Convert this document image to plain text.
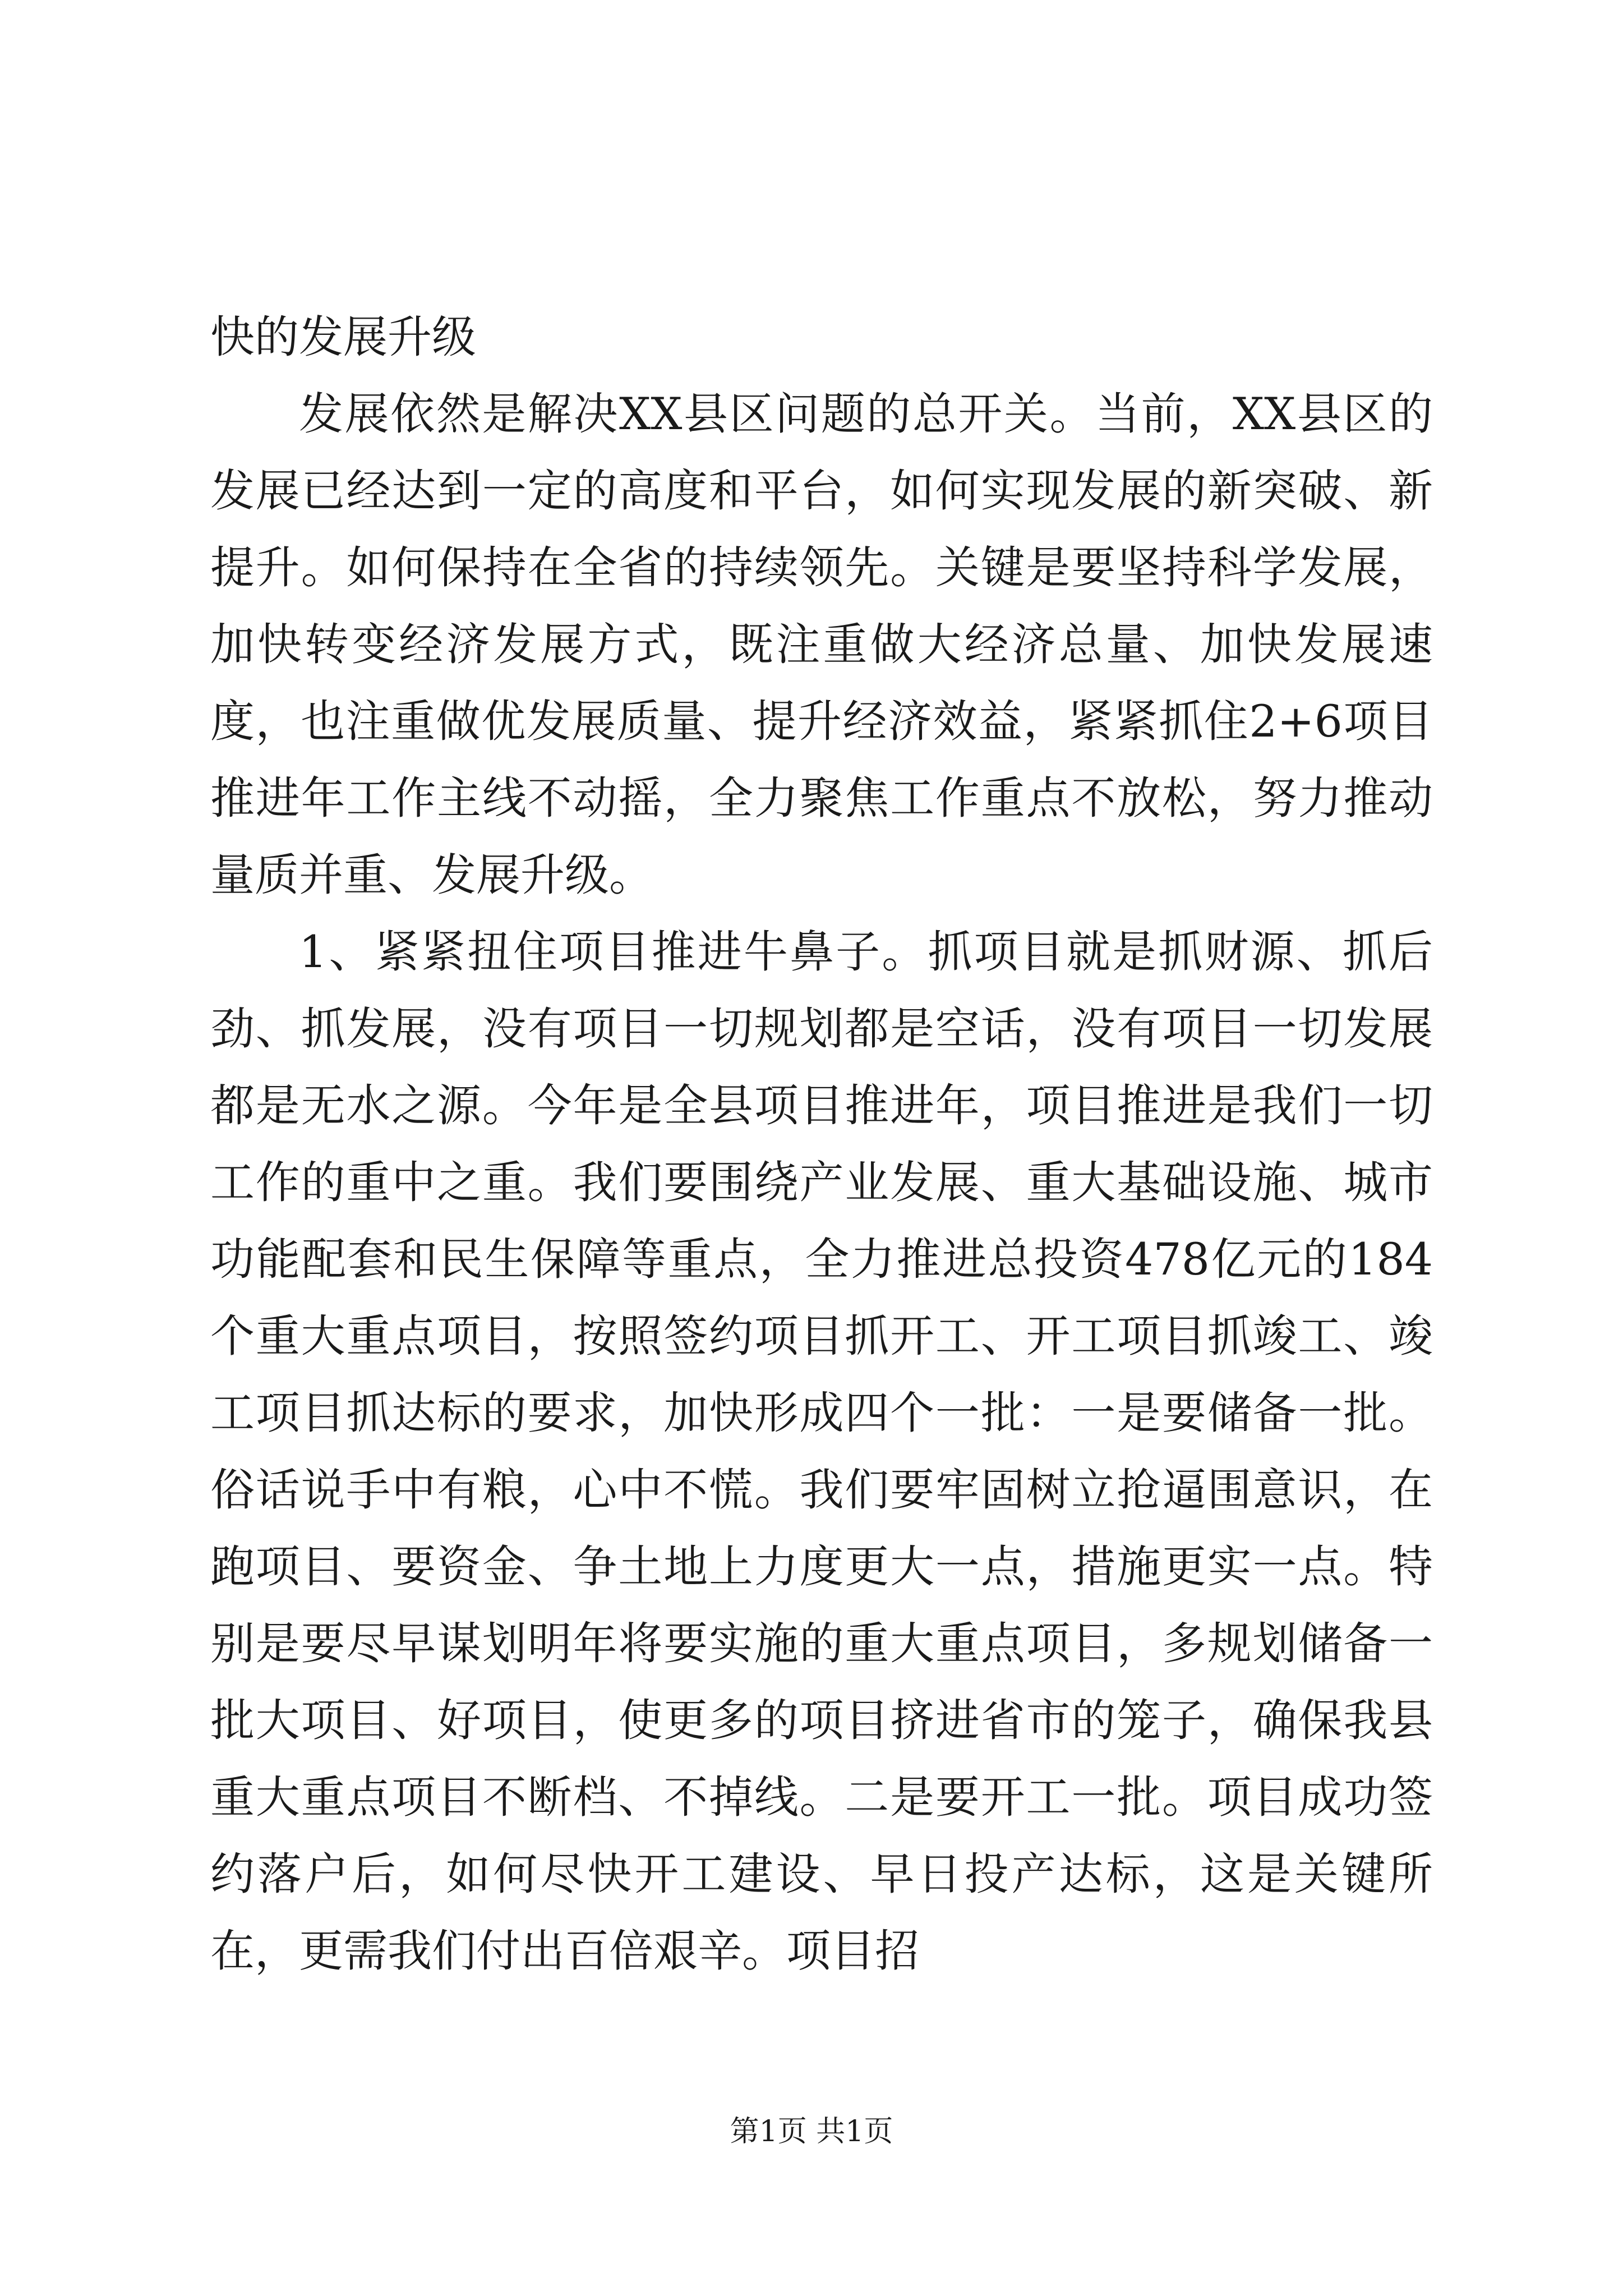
快的发展升级

发展依然是解决XX县区问题的总开关。当前，XX县区的发展已经达到一定的高度和平台，如何实现发展的新突破、新提升。如何保持在全省的持续领先。关键是要坚持科学发展，加快转变经济发展方式，既注重做大经济总量、加快发展速度，也注重做优发展质量、提升经济效益，紧紧抓住2+6项目推进年工作主线不动摇，全力聚焦工作重点不放松，努力推动量质并重、发展升级。

1、紧紧扭住项目推进牛鼻子。抓项目就是抓财源、抓后劲、抓发展，没有项目一切规划都是空话，没有项目一切发展都是无水之源。今年是全县项目推进年，项目推进是我们一切工作的重中之重。我们要围绕产业发展、重大基础设施、城市功能配套和民生保障等重点，全力推进总投资478亿元的184个重大重点项目，按照签约项目抓开工、开工项目抓竣工、竣工项目抓达标的要求，加快形成四个一批：一是要储备一批。俗话说手中有粮，心中不慌。我们要牢固树立抢逼围意识，在跑项目、要资金、争土地上力度更大一点，措施更实一点。特别是要尽早谋划明年将要实施的重大重点项目，多规划储备一批大项目、好项目，使更多的项目挤进省市的笼子，确保我县重大重点项目不断档、不掉线。二是要开工一批。项目成功签约落户后，如何尽快开工建设、早日投产达标，这是关键所在，更需我们付出百倍艰辛。项目招

第1页 共1页
